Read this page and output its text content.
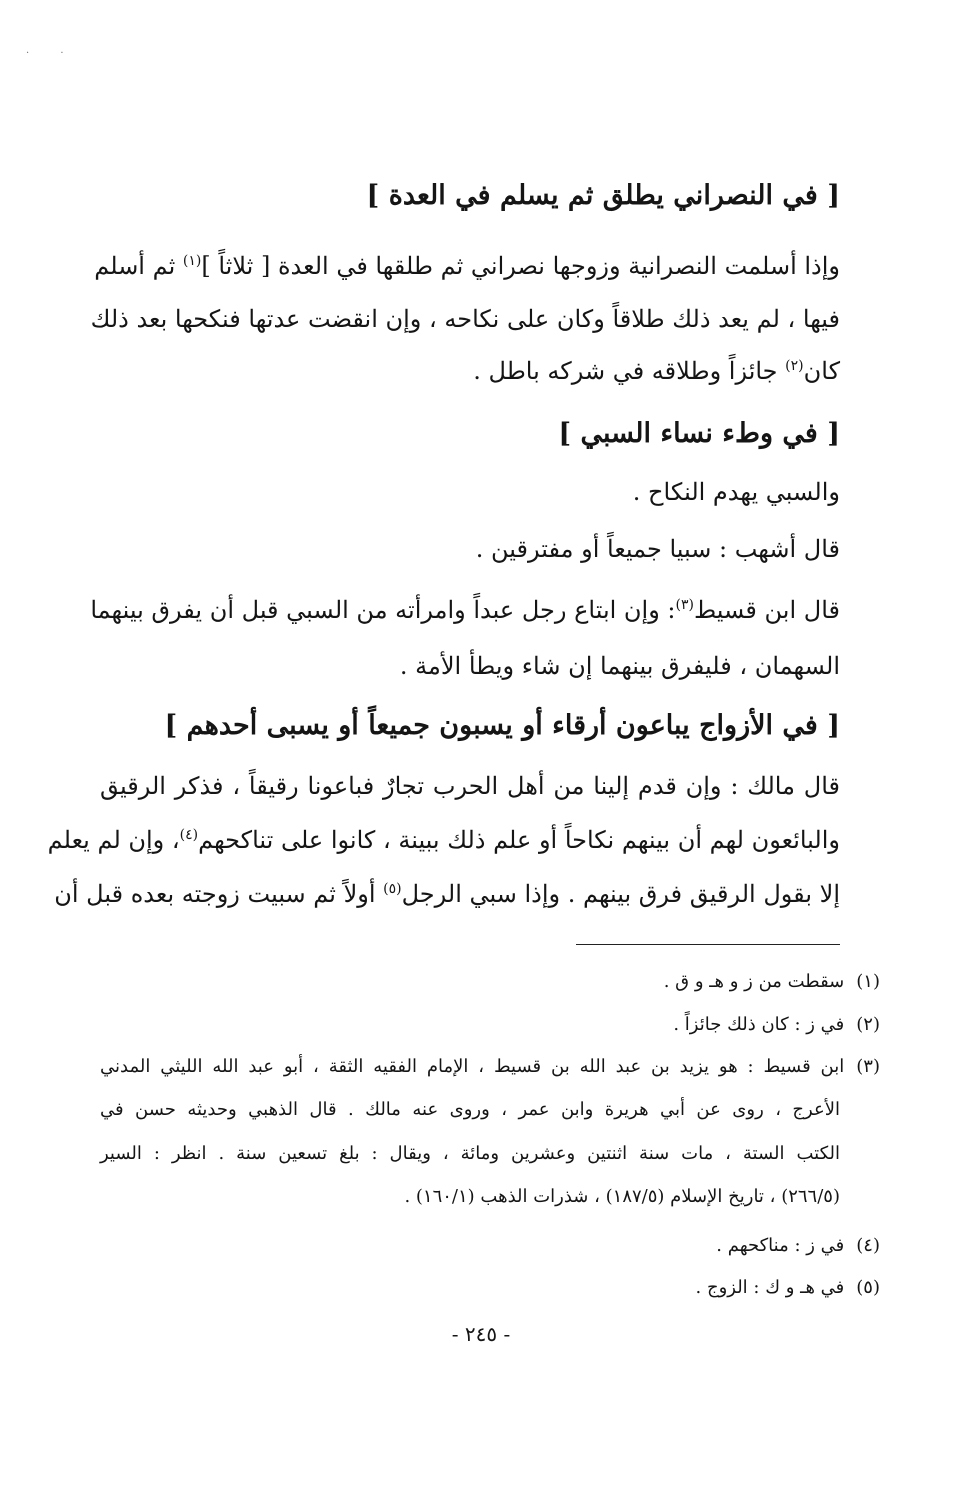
· ·
[ في النصراني يطلق ثم يسلم في العدة ]
وإذا أسلمت النصرانية وزوجها نصراني ثم طلقها في العدة [ ثلاثاً ]$^{(١)}$ ثم أسلم
فيها ، لم يعد ذلك طلاقاً وكان على نكاحه ، وإن انقضت عدتها فنكحها بعد ذلك
كان$^{(٢)}$ جائزاً وطلاقه في شركه باطل .
[ في وطء نساء السبي ]
والسبي يهدم النكاح .
قال أشهب : سبيا جميعاً أو مفترقين .
قال ابن قسيط$^{(٣)}$: وإن ابتاع رجل عبداً وامرأته من السبي قبل أن يفرق بينهما
السهمان ، فليفرق بينهما إن شاء ويطأ الأمة .
[ في الأزواج يباعون أرقاء أو يسبون جميعاً أو يسبى أحدهم ]
قال مالك : وإن قدم إلينا من أهل الحرب تجارٌ فباعونا رقيقاً ، فذكر الرقيق
والبائعون لهم أن بينهم نكاحاً أو علم ذلك ببينة ، كانوا على تناكحهم$^{(٤)}$، وإن لم يعلم
إلا بقول الرقيق فرق بينهم . وإذا سبي الرجل$^{(٥)}$ أولاً ثم سبيت زوجته بعده قبل أن
(١)سقطت من ز و هـ و ق .
(٢)في ز : كان ذلك جائزاً .
(٣)ابن قسيط : هو يزيد بن عبد الله بن قسيط ، الإمام الفقيه الثقة ، أبو عبد الله الليثي المدني
الأعرج ، روى عن أبي هريرة وابن عمر ، وروى عنه مالك . قال الذهبي وحديثه حسن في
الكتب الستة ، مات سنة اثنتين وعشرين ومائة ، ويقال : بلغ تسعين سنة . انظر : السير
(٢٦٦/٥) ، تاريخ الإسلام (١٨٧/٥) ، شذرات الذهب (١٦٠/١) .
(٤)في ز : مناكحهم .
(٥)في هـ و ك : الزوج .
- ٢٤٥ -
